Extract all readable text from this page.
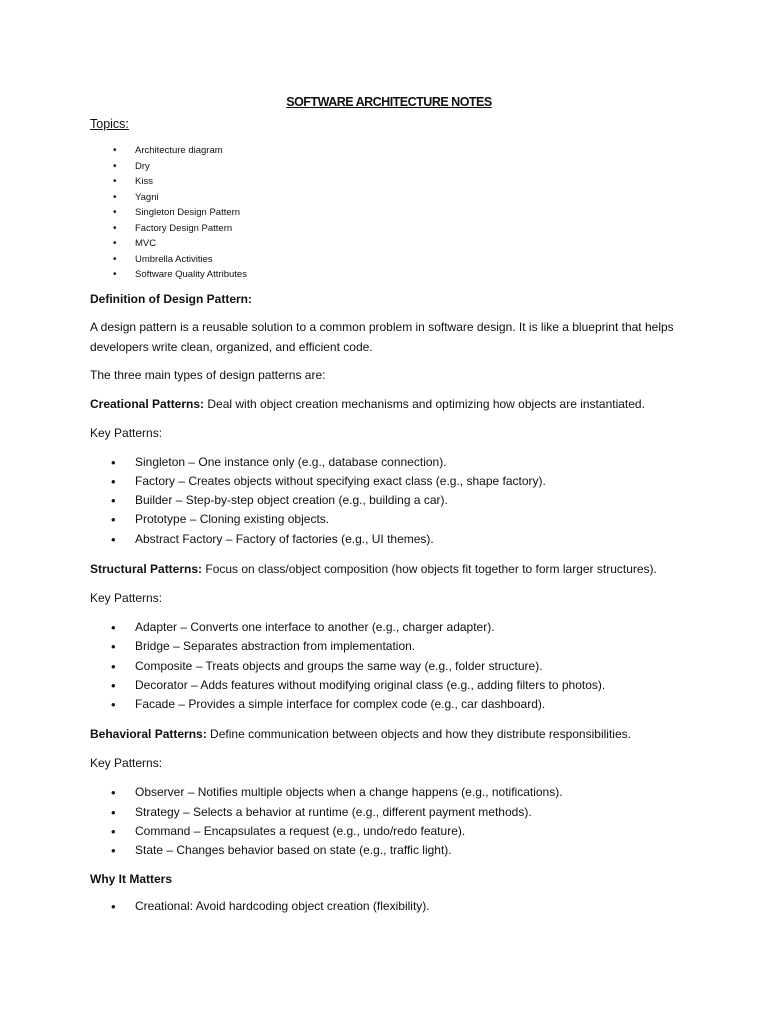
SOFTWARE ARCHITECTURE NOTES
Topics:
• Architecture diagram
• Dry
• Kiss
• Yagni
• Singleton Design Pattern
• Factory Design Pattern
• MVC
• Umbrella Activities
• Software Quality Attributes
Definition of Design Pattern:
A design pattern is a reusable solution to a common problem in software design. It is like a blueprint that helps developers write clean, organized, and efficient code.
The three main types of design patterns are:
Creational Patterns: Deal with object creation mechanisms and optimizing how objects are instantiated.
Key Patterns:
• Singleton – One instance only (e.g., database connection).
• Factory – Creates objects without specifying exact class (e.g., shape factory).
• Builder – Step-by-step object creation (e.g., building a car).
• Prototype – Cloning existing objects.
• Abstract Factory – Factory of factories (e.g., UI themes).
Structural Patterns: Focus on class/object composition (how objects fit together to form larger structures).
Key Patterns:
• Adapter – Converts one interface to another (e.g., charger adapter).
• Bridge – Separates abstraction from implementation.
• Composite – Treats objects and groups the same way (e.g., folder structure).
• Decorator – Adds features without modifying original class (e.g., adding filters to photos).
• Facade – Provides a simple interface for complex code (e.g., car dashboard).
Behavioral Patterns: Define communication between objects and how they distribute responsibilities.
Key Patterns:
• Observer – Notifies multiple objects when a change happens (e.g., notifications).
• Strategy – Selects a behavior at runtime (e.g., different payment methods).
• Command – Encapsulates a request (e.g., undo/redo feature).
• State – Changes behavior based on state (e.g., traffic light).
Why It Matters
• Creational: Avoid hardcoding object creation (flexibility).
